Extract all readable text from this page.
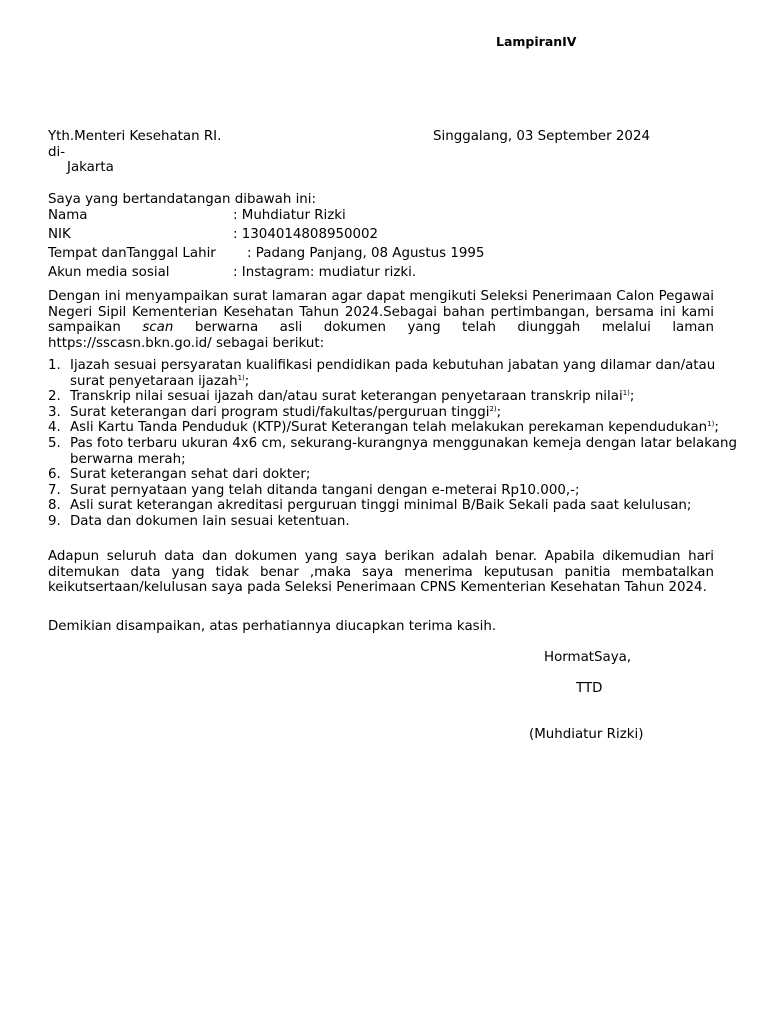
LampiranIV
Yth.Menteri Kesehatan RI.	Singgalang, 03 September 2024
di-
Jakarta
Saya yang bertandatangan dibawah ini:
Nama	: Muhdiatur Rizki
NIK	: 1304014808950002
Tempat danTanggal Lahir : Padang Panjang, 08 Agustus 1995
Akun media sosial	: Instagram: mudiatur rizki.
Dengan ini menyampaikan surat lamaran agar dapat mengikuti Seleksi Penerimaan Calon Pegawai Negeri Sipil Kementerian Kesehatan Tahun 2024.Sebagai bahan pertimbangan, bersama ini kami sampaikan scan berwarna asli dokumen yang telah diunggah melalui laman https://sscasn.bkn.go.id/ sebagai berikut:
1. Ijazah sesuai persyaratan kualifikasi pendidikan pada kebutuhan jabatan yang dilamar dan/atau surat penyetaraan ijazah$^{1)}$;
2. Transkrip nilai sesuai ijazah dan/atau surat keterangan penyetaraan transkrip nilai$^{1)}$;
3. Surat keterangan dari program studi/fakultas/perguruan tinggi$^{2)}$;
4. Asli Kartu Tanda Penduduk (KTP)/Surat Keterangan telah melakukan perekaman kependudukan$^{1)}$;
5. Pas foto terbaru ukuran 4x6 cm, sekurang-kurangnya menggunakan kemeja dengan latar belakang berwarna merah;
6. Surat keterangan sehat dari dokter;
7. Surat pernyataan yang telah ditanda tangani dengan e-meterai Rp10.000,-;
8. Asli surat keterangan akreditasi perguruan tinggi minimal B/Baik Sekali pada saat kelulusan;
9. Data dan dokumen lain sesuai ketentuan.
Adapun seluruh data dan dokumen yang saya berikan adalah benar. Apabila dikemudian hari ditemukan data yang tidak benar ,maka saya menerima keputusan panitia membatalkan keikutsertaan/kelulusan saya pada Seleksi Penerimaan CPNS Kementerian Kesehatan Tahun 2024.
Demikian disampaikan, atas perhatiannya diucapkan terima kasih.
HormatSaya,
TTD
(Muhdiatur Rizki)
